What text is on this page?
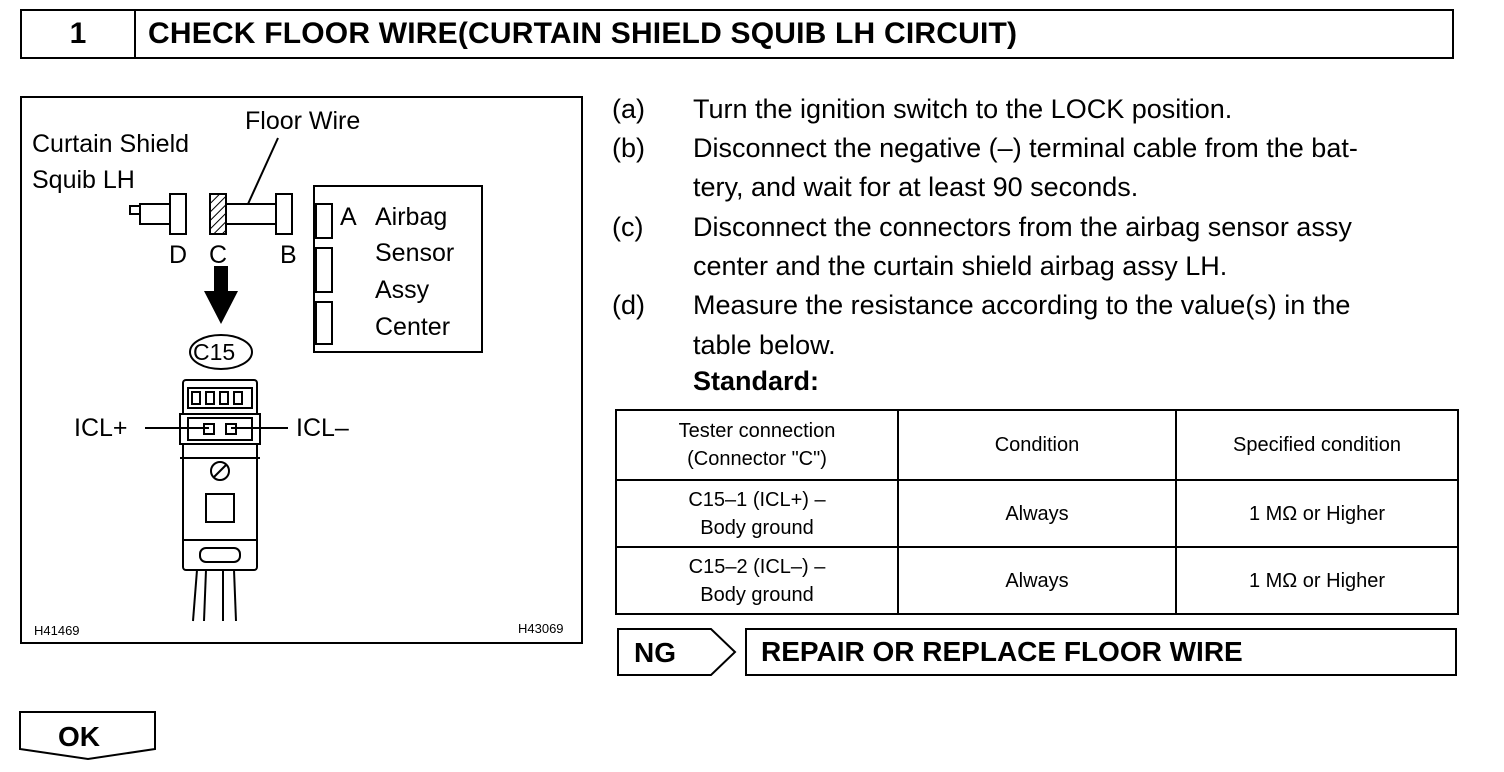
1	CHECK FLOOR WIRE(CURTAIN SHIELD SQUIB LH CIRCUIT)
Curtain Shield
Squib LH
Floor Wire
D C B
A Airbag
Sensor
Assy
Center
C15
ICL+	ICL–
H41469	H43069
(a) Turn the ignition switch to the LOCK position.
(b) Disconnect the negative (–) terminal cable from the bat-
tery, and wait for at least 90 seconds.
(c) Disconnect the connectors from the airbag sensor assy
center and the curtain shield airbag assy LH.
(d) Measure the resistance according to the value(s) in the
table below.
Standard:
Tester connection
(Connector "C")	Condition	Specified condition

C15–1 (ICL+) –
Body ground	Always	1 MΩ or Higher

C15–2 (ICL–) –
Body ground	Always	1 MΩ or Higher
NG	REPAIR OR REPLACE FLOOR WIRE
OK
